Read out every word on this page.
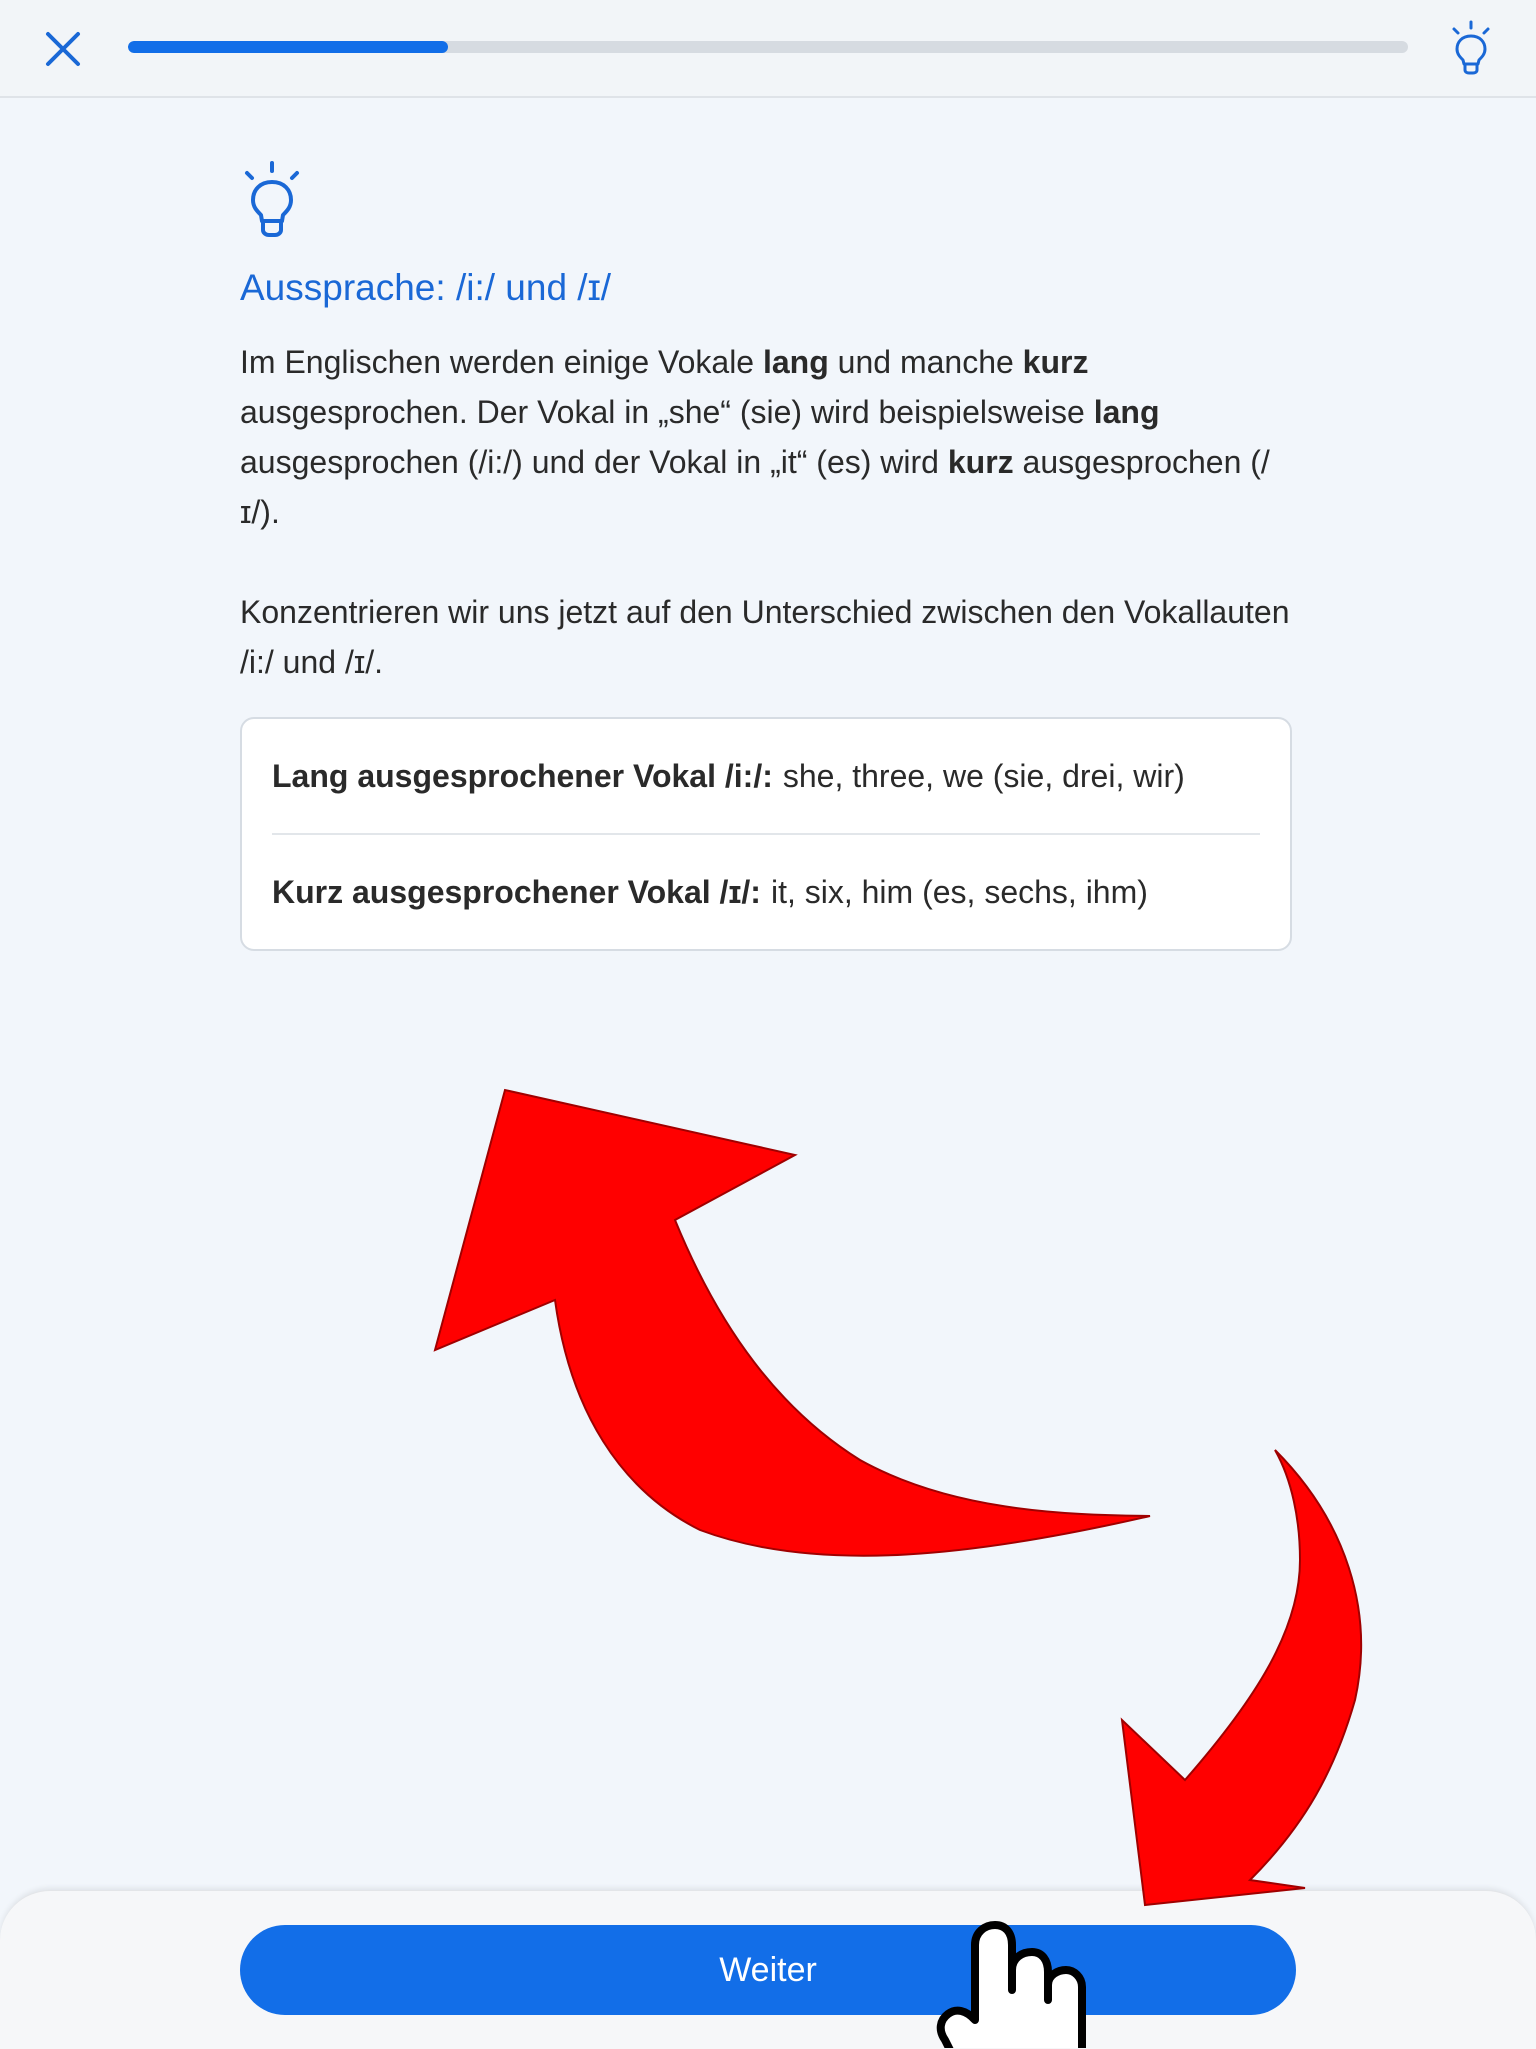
Aussprache: /i:/ und /ɪ/

Im Englischen werden einige Vokale lang und manche kurz ausgesprochen. Der Vokal in „she“ (sie) wird beispielsweise lang ausgesprochen (/i:/) und der Vokal in „it“ (es) wird kurz ausgesprochen (/ɪ/).

Konzentrieren wir uns jetzt auf den Unterschied zwischen den Vokallauten /i:/ und /ɪ/.

Lang ausgesprochener Vokal /i:/: she, three, we (sie, drei, wir)
Kurz ausgesprochener Vokal /ɪ/: it, six, him (es, sechs, ihm)
Weiter
